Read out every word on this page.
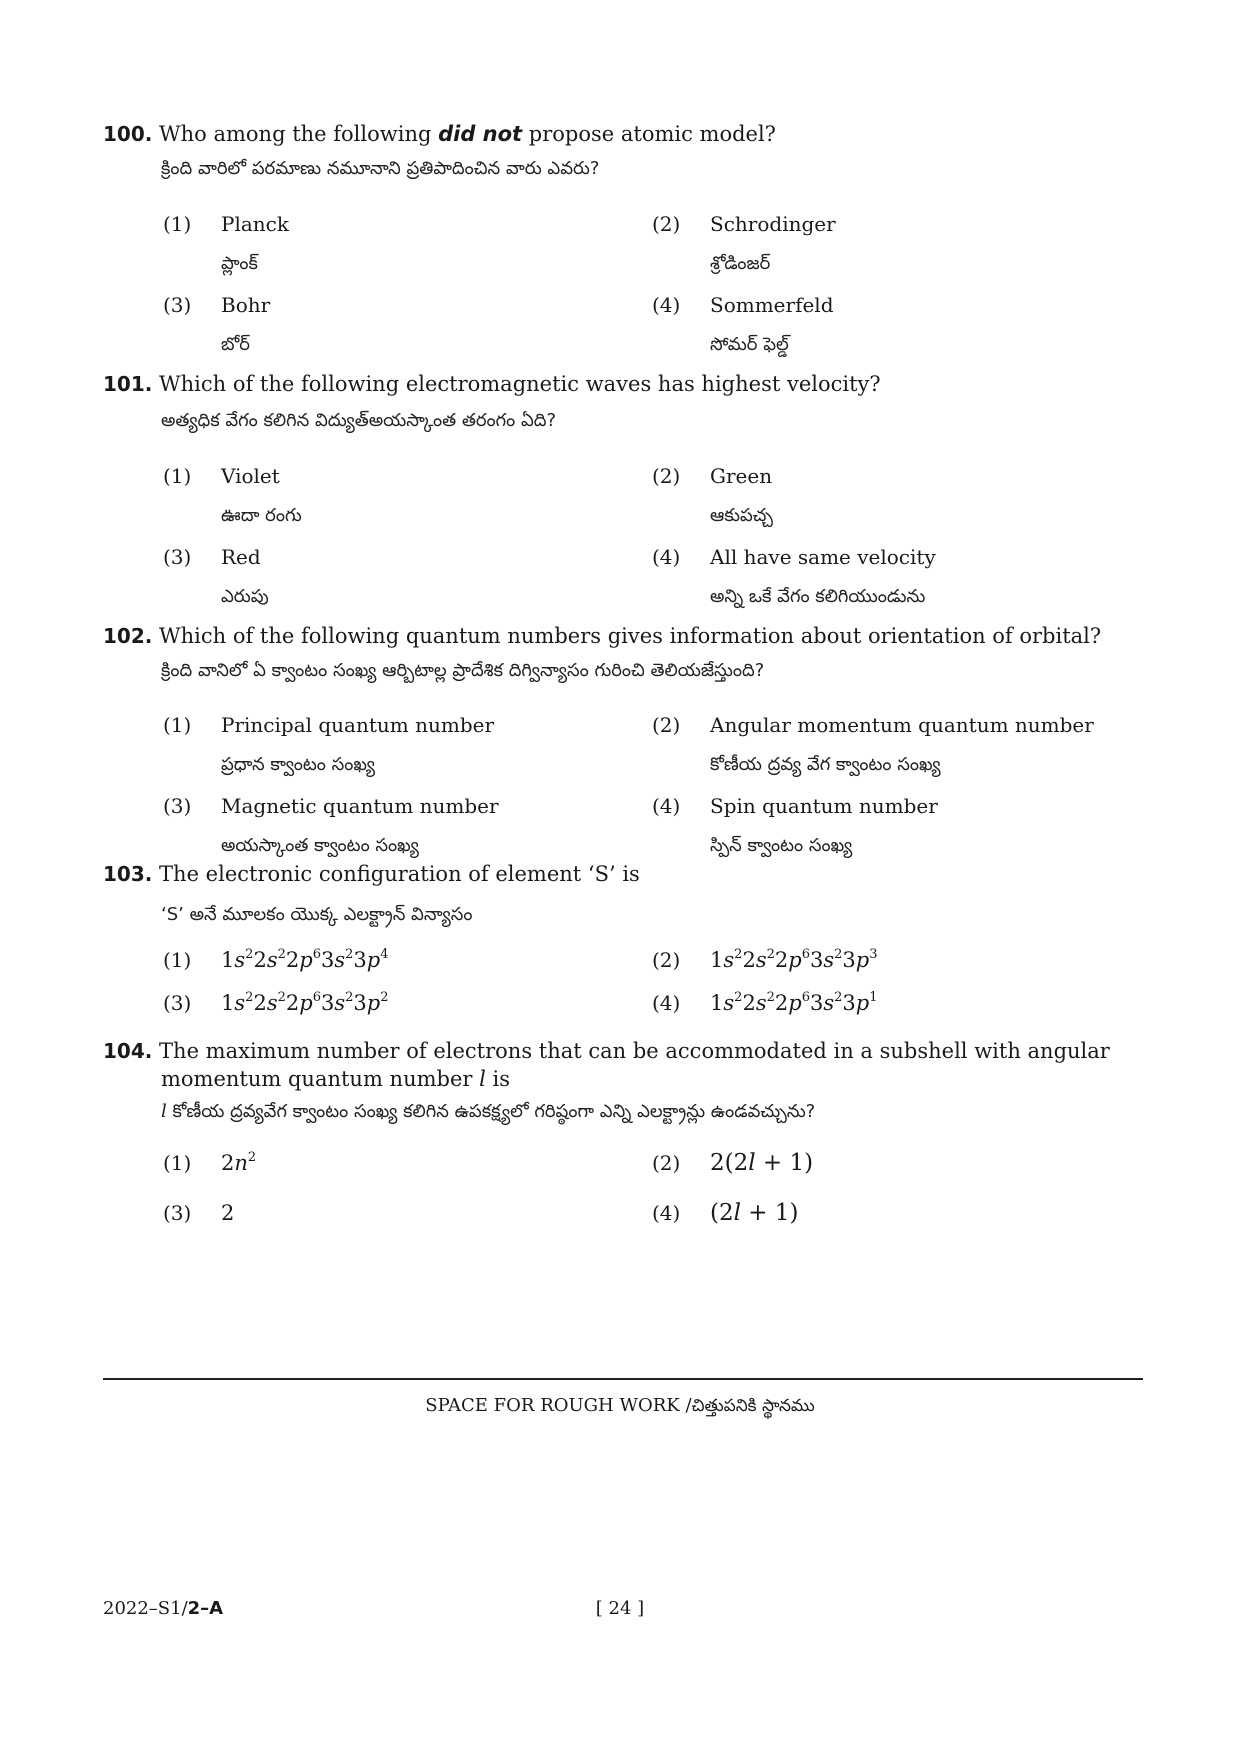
100. Who among the following did not propose atomic model?
క్రింది వారిలో పరమాణు నమూనాని ప్రతిపాదించిన వారు ఎవరు?
(1) Planck
ప్లాంక్
(2) Schrodinger
శ్రోడింజర్
(3) Bohr
బోర్
(4) Sommerfeld
సోమర్ ఫెల్డ్
101. Which of the following electromagnetic waves has highest velocity?
అత్యధిక వేగం కలిగిన విద్యుత్‌అయస్కాంత తరంగం ఏది?
(1) Violet
ఊదా రంగు
(2) Green
ఆకుపచ్చ
(3) Red
ఎరుపు
(4) All have same velocity
అన్ని ఒకే వేగం కలిగియుండును
102. Which of the following quantum numbers gives information about orientation of orbital?
క్రింది వానిలో ఏ క్వాంటం సంఖ్య ఆర్బిటాల్ల ప్రాదేశిక దిగ్విన్యాసం గురించి తెలియజేస్తుంది?
(1) Principal quantum number
ప్రధాన క్వాంటం సంఖ్య
(2) Angular momentum quantum number
కోణీయ ద్రవ్య వేగ క్వాంటం సంఖ్య
(3) Magnetic quantum number
అయస్కాంత క్వాంటం సంఖ్య
(4) Spin quantum number
స్పిన్ క్వాంటం సంఖ్య
103. The electronic configuration of element ‘S’ is
‘S’ అనే మూలకం యొక్క ఎలక్ట్రాన్ విన్యాసం
(1) $1s^22s^22p^63s^23p^4$	(2) $1s^22s^22p^63s^23p^3$
(3) $1s^22s^22p^63s^23p^2$	(4) $1s^22s^22p^63s^23p^1$
104. The maximum number of electrons that can be accommodated in a subshell with angular
momentum quantum number l is
l కోణీయ ద్రవ్యవేగ క్వాంటం సంఖ్య కలిగిన ఉపకక్ష్యలో గరిష్ఠంగా ఎన్ని ఎలక్ట్రాన్లు ఉండవచ్చును?
(1) $2n^2$	(2) 2(2l + 1)
(3) 2	(4) (2l + 1)
SPACE FOR ROUGH WORK /చిత్తుపనికి స్థానము
2022–S1/2–A	[ 24 ]
